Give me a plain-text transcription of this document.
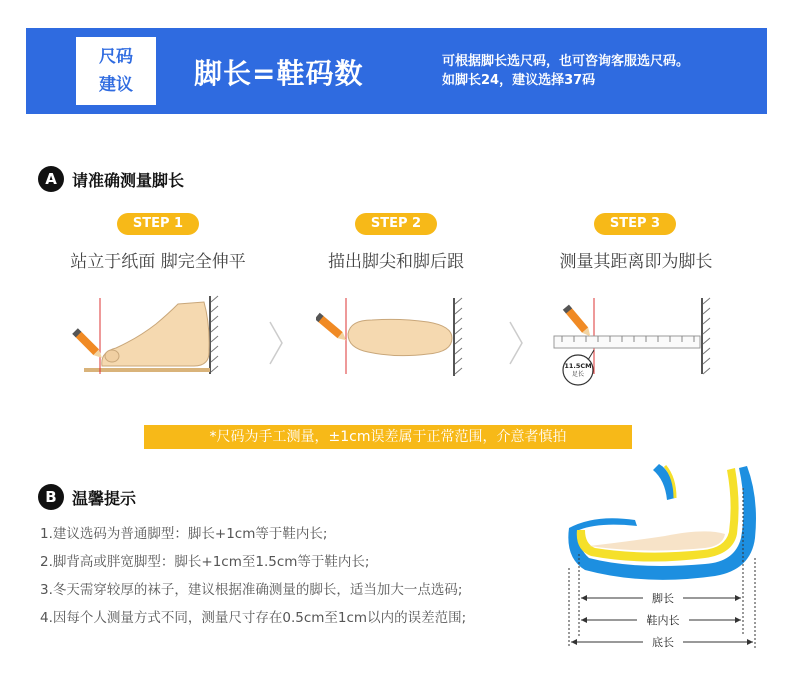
尺码
建议	脚长=鞋码数	可根据脚长选尺码，也可咨询客服选尺码。
如脚长24，建议选择37码
A 请准确测量脚长
STEP 1	STEP 2	STEP 3
站立于纸面 脚完全伸平	描出脚尖和脚后跟	测量其距离即为脚长
11.5CM
足长
*尺码为手工测量，±1cm误差属于正常范围，介意者慎拍
B 温馨提示
1.建议选码为普通脚型：脚长+1cm等于鞋内长;
2.脚背高或胖宽脚型：脚长+1cm至1.5cm等于鞋内长;
3.冬天需穿较厚的袜子，建议根据准确测量的脚长，适当加大一点选码;
4.因每个人测量方式不同，测量尺寸存在0.5cm至1cm以内的误差范围;
脚长
鞋内长
底长
